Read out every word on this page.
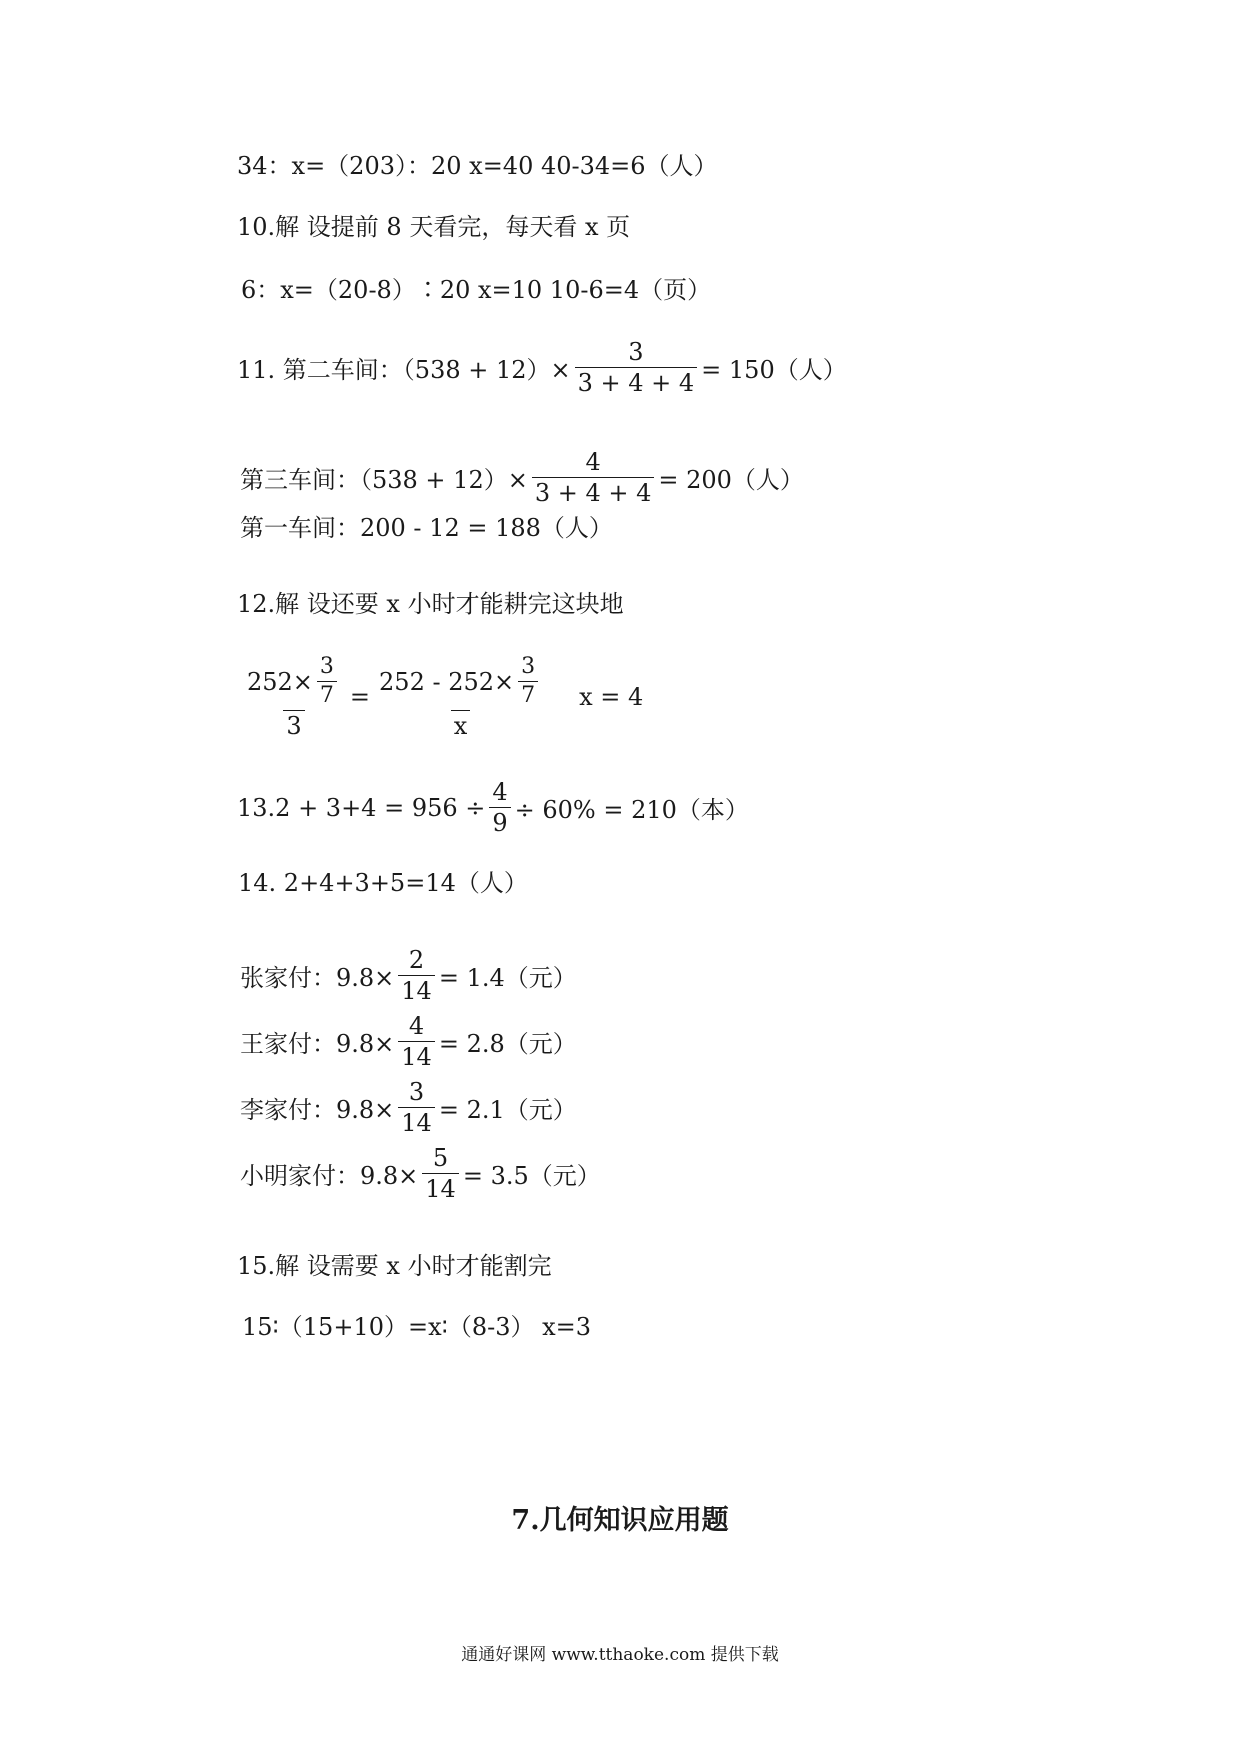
34：x=（203）：20 x=40 40-34=6（人）
10.解 设提前 8 天看完，每天看 x 页
6：x=（20-8）∶20 x=10 10-6=4（页）
11. 第二车间：$(538 + 12)\times \frac{3}{3 + 4 + 4} = 150$（人）
第三车间：$(538 + 12)\times \frac{4}{3 + 4 + 4} = 200$（人）
第一车间：200 - 12 = 188（人）
12.解 设还要 x 小时才能耕完这块地
$\frac{252\times \frac{3}{7}}{3} = \frac{252 - 252\times \frac{3}{7}}{x}$ x = 4
$13.2 + 3+4 = 956 \div \frac{4}{9} \div 60\% = 210$（本）
14. 2+4+3+5=14（人）
张家付：$9.8\times \frac{2}{14} = 1.4$（元）
王家付：$9.8\times \frac{4}{14} = 2.8$（元）
李家付：$9.8\times \frac{3}{14} = 2.1$（元）
小明家付：$9.8\times \frac{5}{14} = 3.5$（元）
15.解 设需要 x 小时才能割完
15∶（15+10）=x∶（8-3） x=3
7.几何知识应用题
通通好课网 www.tthaoke.com 提供下载
